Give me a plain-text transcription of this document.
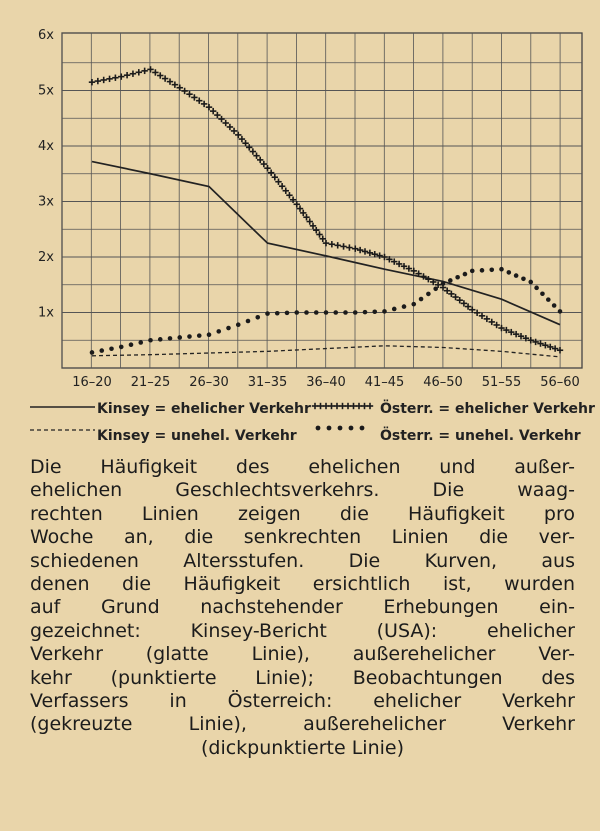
1x
2x
3x
4x
5x
6x
16–20 21–25 26–30 31–35 36–40 41–45 46–50 51–55 56–60
Kinsey = ehelicher Verkehr
Kinsey = unehel. Verkehr
Österr. = ehelicher Verkehr
Österr. = unehel. Verkehr
Die Häufigkeit des ehelichen und außer-
ehelichen Geschlechtsverkehrs. Die waag-
rechten Linien zeigen die Häufigkeit pro
Woche an, die senkrechten Linien die ver-
schiedenen Altersstufen. Die Kurven, aus
denen die Häufigkeit ersichtlich ist, wurden
auf Grund nachstehender Erhebungen ein-
gezeichnet: Kinsey-Bericht (USA): ehelicher
Verkehr (glatte Linie), außerehelicher Ver-
kehr (punktierte Linie); Beobachtungen des
Verfassers in Österreich: ehelicher Verkehr
(gekreuzte Linie), außerehelicher Verkehr
(dickpunktierte Linie)
